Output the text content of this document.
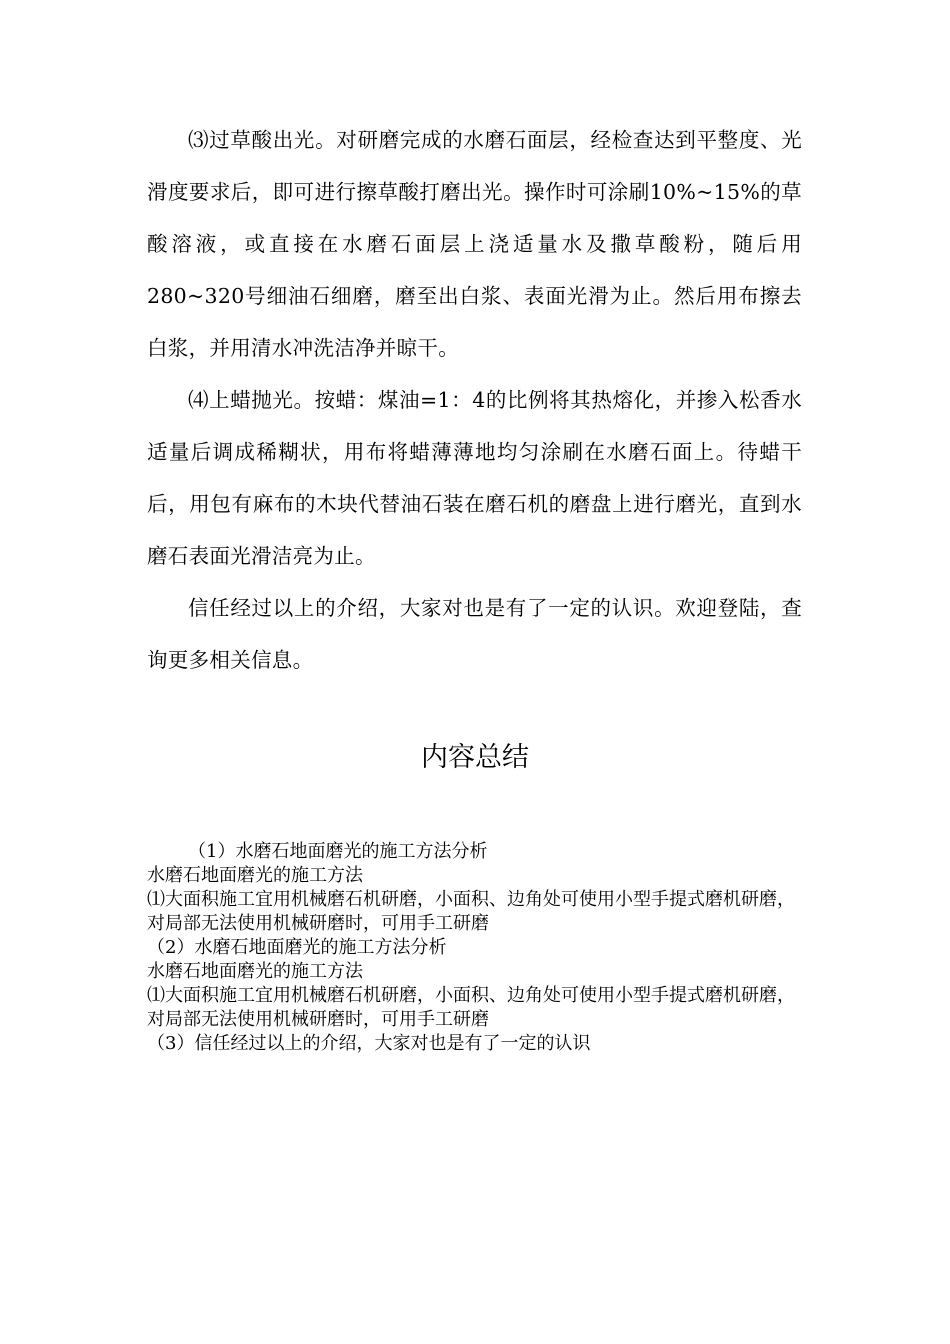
⑶过草酸出光。对研磨完成的水磨石面层，经检查达到平整度、光滑度要求后，即可进行擦草酸打磨出光。操作时可涂刷10%~15%的草酸溶液，或直接在水磨石面层上浇适量水及撒草酸粉，随后用280~320号细油石细磨，磨至出白浆、表面光滑为止。然后用布擦去白浆，并用清水冲洗洁净并晾干。

⑷上蜡抛光。按蜡：煤油=1：4的比例将其热熔化，并掺入松香水适量后调成稀糊状，用布将蜡薄薄地均匀涂刷在水磨石面上。待蜡干后，用包有麻布的木块代替油石装在磨石机的磨盘上进行磨光，直到水磨石表面光滑洁亮为止。

信任经过以上的介绍，大家对也是有了一定的认识。欢迎登陆，查询更多相关信息。

内容总结
（1）水磨石地面磨光的施工方法分析
水磨石地面磨光的施工方法
⑴大面积施工宜用机械磨石机研磨，小面积、边角处可使用小型手提式磨机研磨，对局部无法使用机械研磨时，可用手工研磨
（2）水磨石地面磨光的施工方法分析
水磨石地面磨光的施工方法
⑴大面积施工宜用机械磨石机研磨，小面积、边角处可使用小型手提式磨机研磨，对局部无法使用机械研磨时，可用手工研磨
（3）信任经过以上的介绍，大家对也是有了一定的认识
